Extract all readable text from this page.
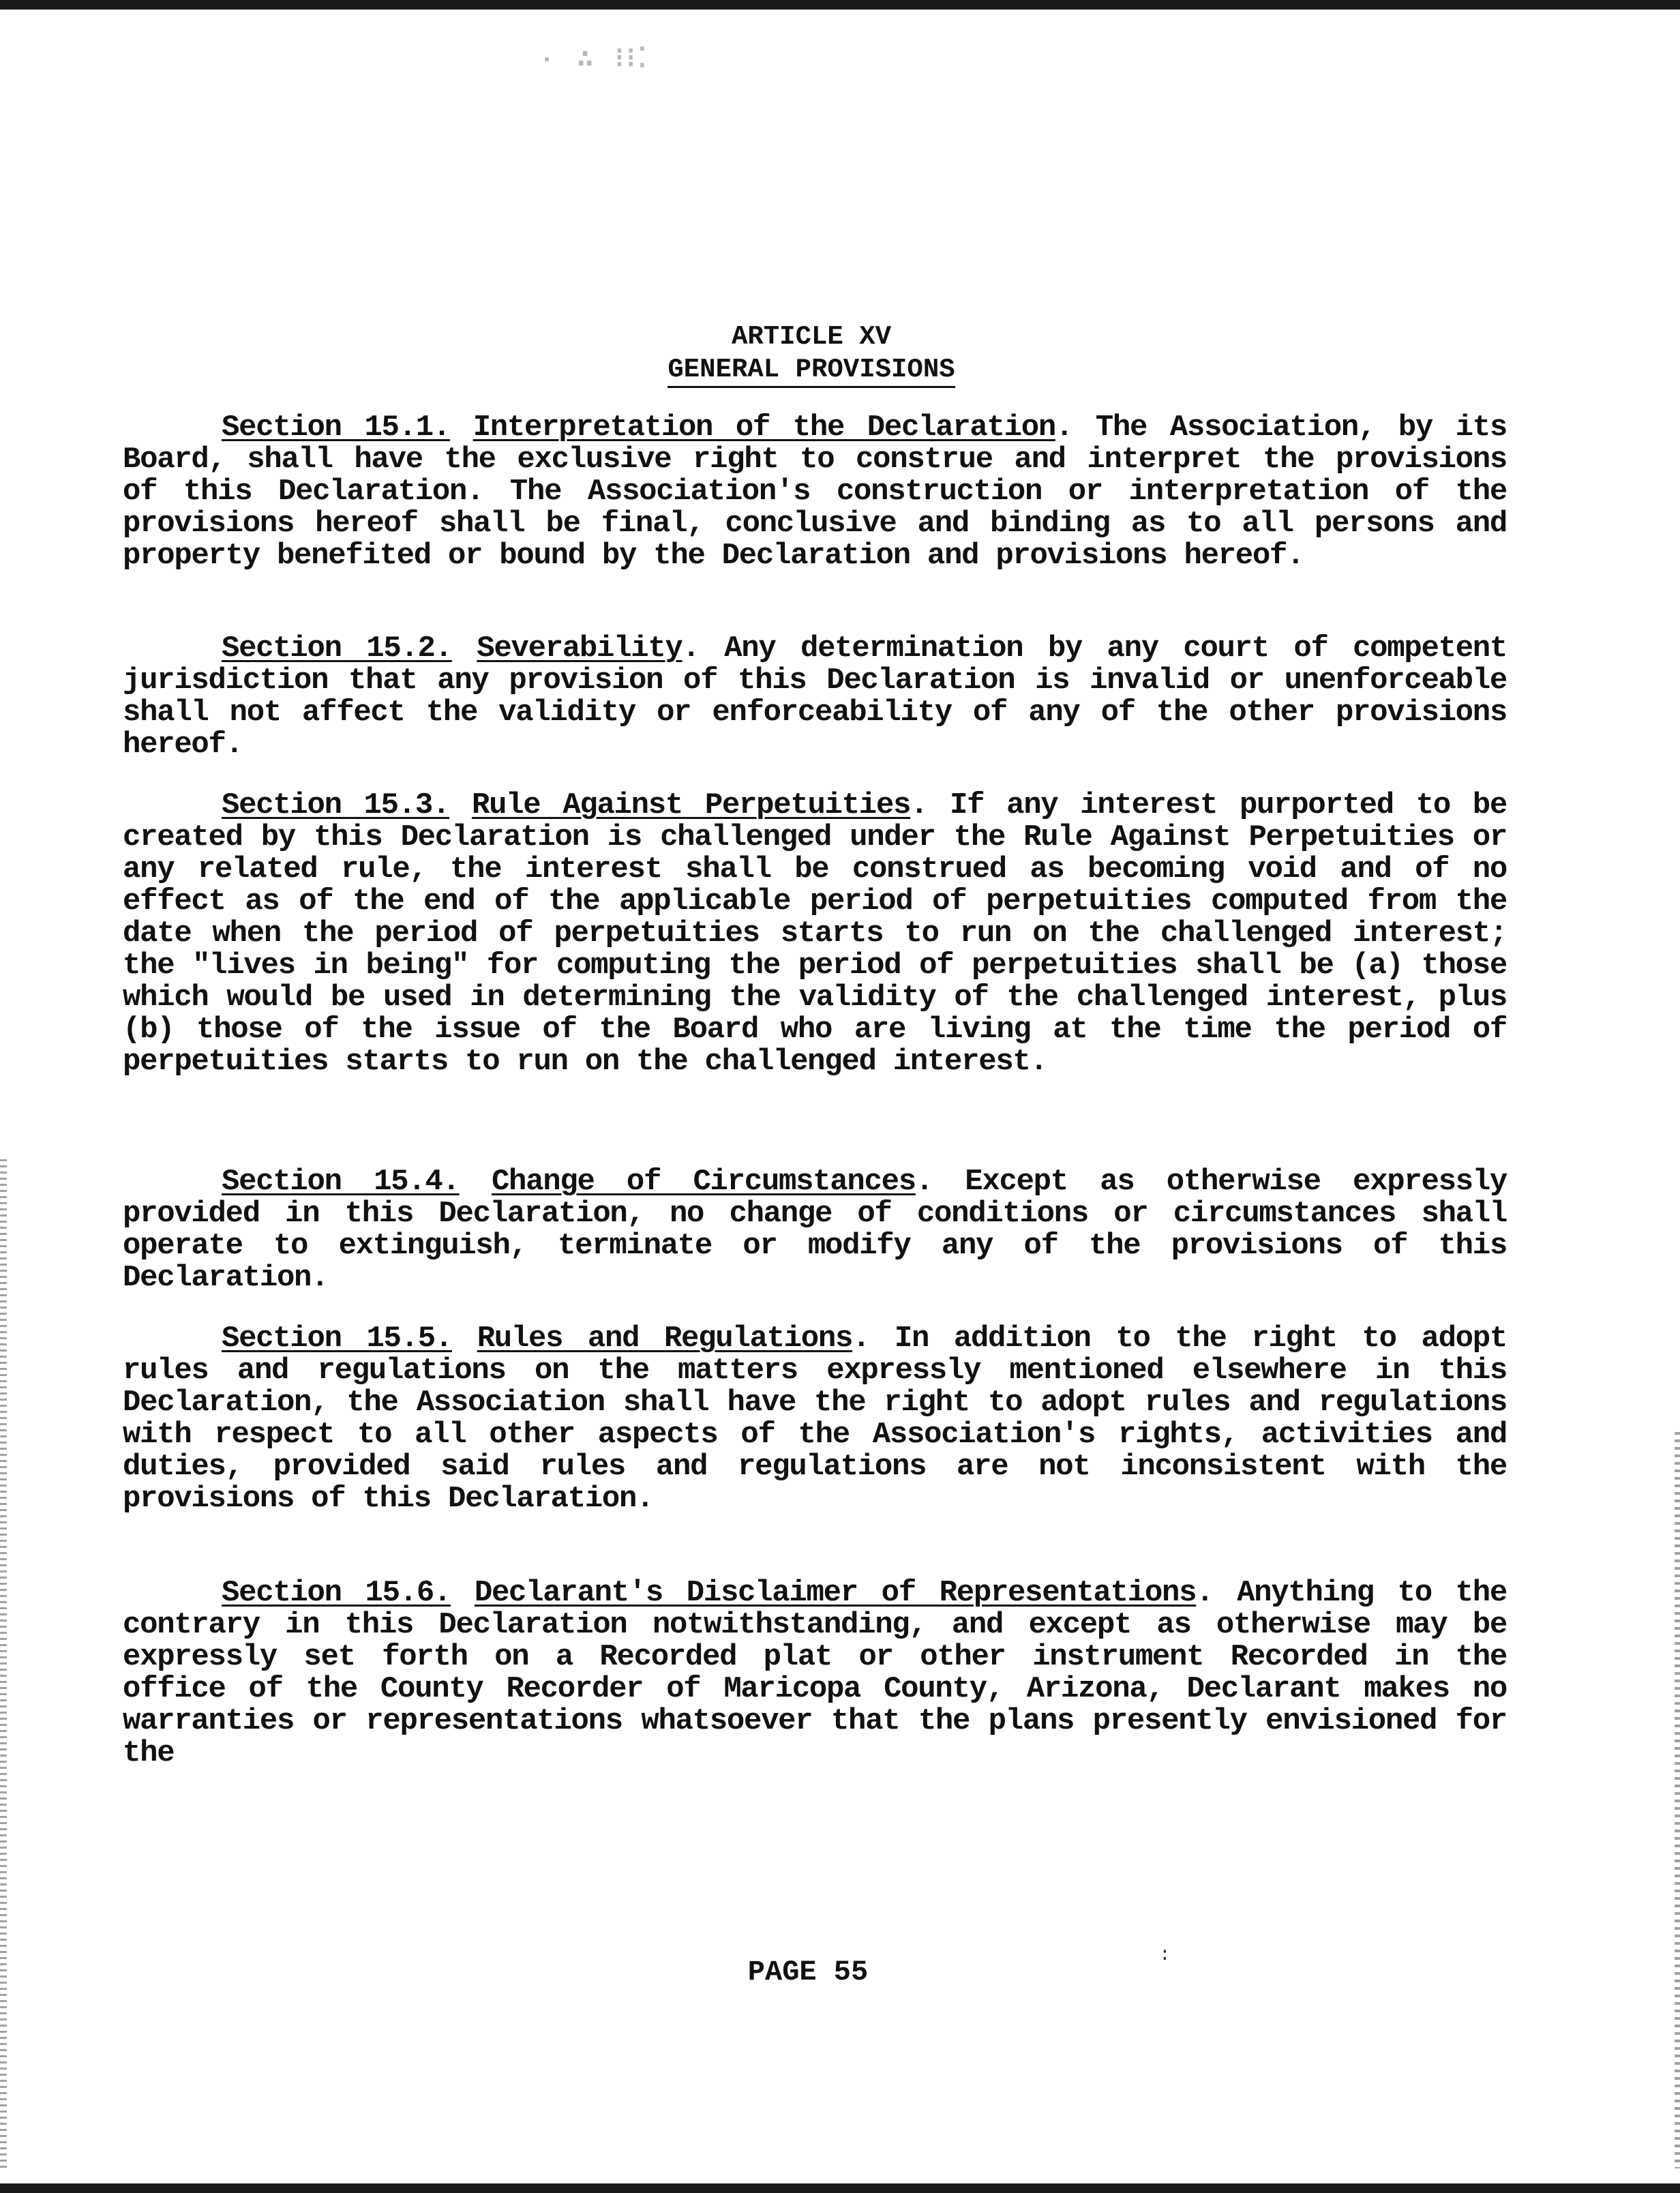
· ∴ ⁝⁝⁚
ARTICLE XV
GENERAL PROVISIONS
Section 15.1. Interpretation of the Declaration. The Association, by its Board, shall have the exclusive right to construe and interpret the provisions of this Declaration. The Association's construction or interpretation of the provisions hereof shall be final, conclusive and binding as to all persons and property benefited or bound by the Declaration and provisions hereof.
Section 15.2. Severability. Any determination by any court of competent jurisdiction that any provision of this Declaration is invalid or unenforceable shall not affect the validity or enforceability of any of the other provisions hereof.
Section 15.3. Rule Against Perpetuities. If any interest purported to be created by this Declaration is challenged under the Rule Against Perpetuities or any related rule, the interest shall be construed as becoming void and of no effect as of the end of the applicable period of perpetuities computed from the date when the period of perpetuities starts to run on the challenged interest; the "lives in being" for computing the period of perpetuities shall be (a) those which would be used in determining the validity of the challenged interest, plus (b) those of the issue of the Board who are living at the time the period of perpetuities starts to run on the challenged interest.
Section 15.4. Change of Circumstances. Except as otherwise expressly provided in this Declaration, no change of conditions or circumstances shall operate to extinguish, terminate or modify any of the provisions of this Declaration.
Section 15.5. Rules and Regulations. In addition to the right to adopt rules and regulations on the matters expressly mentioned elsewhere in this Declaration, the Association shall have the right to adopt rules and regulations with respect to all other aspects of the Association's rights, activities and duties, provided said rules and regulations are not inconsistent with the provisions of this Declaration.
Section 15.6. Declarant's Disclaimer of Representations. Anything to the contrary in this Declaration notwithstanding, and except as otherwise may be expressly set forth on a Recorded plat or other instrument Recorded in the office of the County Recorder of Maricopa County, Arizona, Declarant makes no warranties or representations whatsoever that the plans presently envisioned for the
:
PAGE 55
